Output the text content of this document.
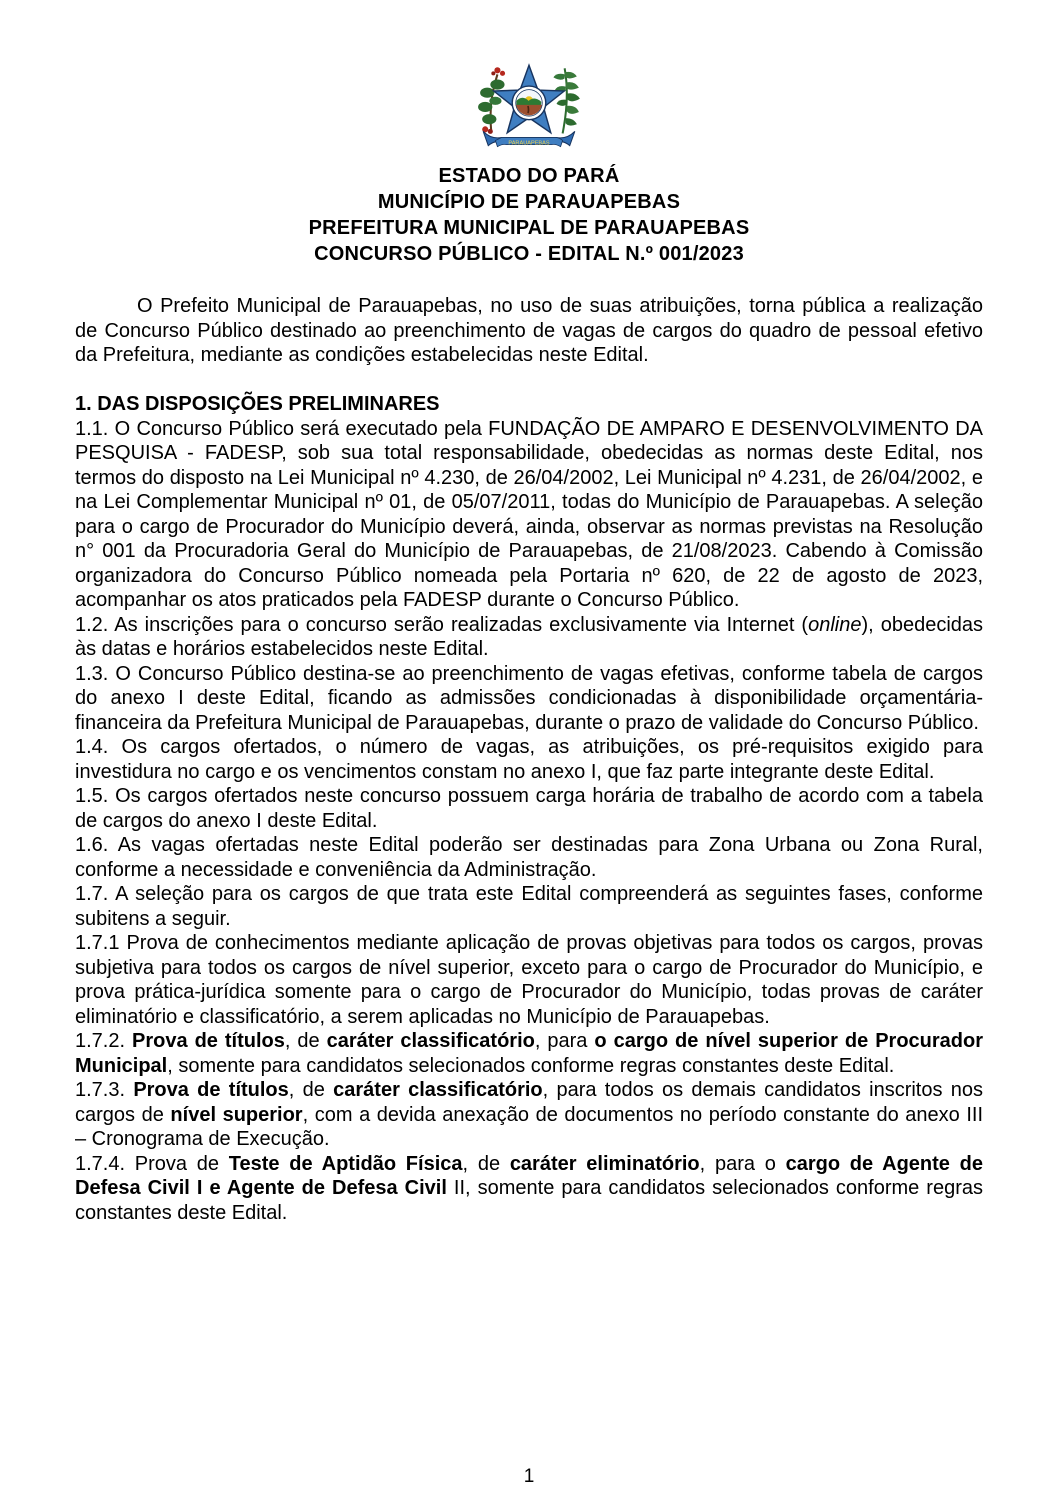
PARAUAPEBAS
ESTADO DO PARÁ
MUNICÍPIO DE PARAUAPEBAS
PREFEITURA MUNICIPAL DE PARAUAPEBAS
CONCURSO PÚBLICO - EDITAL N.º 001/2023

O Prefeito Municipal de Parauapebas, no uso de suas atribuições, torna pública a realização de Concurso Público destinado ao preenchimento de vagas de cargos do quadro de pessoal efetivo da Prefeitura, mediante as condições estabelecidas neste Edital.

1. DAS DISPOSIÇÕES PRELIMINARES

1.1. O Concurso Público será executado pela FUNDAÇÃO DE AMPARO E DESENVOLVIMENTO DA PESQUISA - FADESP, sob sua total responsabilidade, obedecidas as normas deste Edital, nos termos do disposto na Lei Municipal nº 4.230, de 26/04/2002, Lei Municipal nº 4.231, de 26/04/2002, e na Lei Complementar Municipal nº 01, de 05/07/2011, todas do Município de Parauapebas. A seleção para o cargo de Procurador do Município deverá, ainda, observar as normas previstas na Resolução n° 001 da Procuradoria Geral do Município de Parauapebas, de 21/08/2023. Cabendo à Comissão organizadora do Concurso Público nomeada pela Portaria nº 620, de 22 de agosto de 2023, acompanhar os atos praticados pela FADESP durante o Concurso Público.

1.2. As inscrições para o concurso serão realizadas exclusivamente via Internet (online), obedecidas às datas e horários estabelecidos neste Edital.

1.3. O Concurso Público destina-se ao preenchimento de vagas efetivas, conforme tabela de cargos do anexo I deste Edital, ficando as admissões condicionadas à disponibilidade orçamentária-financeira da Prefeitura Municipal de Parauapebas, durante o prazo de validade do Concurso Público.

1.4. Os cargos ofertados, o número de vagas, as atribuições, os pré-requisitos exigido para investidura no cargo e os vencimentos constam no anexo I, que faz parte integrante deste Edital.

1.5. Os cargos ofertados neste concurso possuem carga horária de trabalho de acordo com a tabela de cargos do anexo I deste Edital.

1.6. As vagas ofertadas neste Edital poderão ser destinadas para Zona Urbana ou Zona Rural, conforme a necessidade e conveniência da Administração.

1.7. A seleção para os cargos de que trata este Edital compreenderá as seguintes fases, conforme subitens a seguir.

1.7.1 Prova de conhecimentos mediante aplicação de provas objetivas para todos os cargos, provas subjetiva para todos os cargos de nível superior, exceto para o cargo de Procurador do Município, e prova prática-jurídica somente para o cargo de Procurador do Município, todas provas de caráter eliminatório e classificatório, a serem aplicadas no Município de Parauapebas.

1.7.2. Prova de títulos, de caráter classificatório, para o cargo de nível superior de Procurador Municipal, somente para candidatos selecionados conforme regras constantes deste Edital.

1.7.3. Prova de títulos, de caráter classificatório, para todos os demais candidatos inscritos nos cargos de nível superior, com a devida anexação de documentos no período constante do anexo III – Cronograma de Execução.

1.7.4. Prova de Teste de Aptidão Física, de caráter eliminatório, para o cargo de Agente de Defesa Civil I e Agente de Defesa Civil II, somente para candidatos selecionados conforme regras constantes deste Edital.

1
